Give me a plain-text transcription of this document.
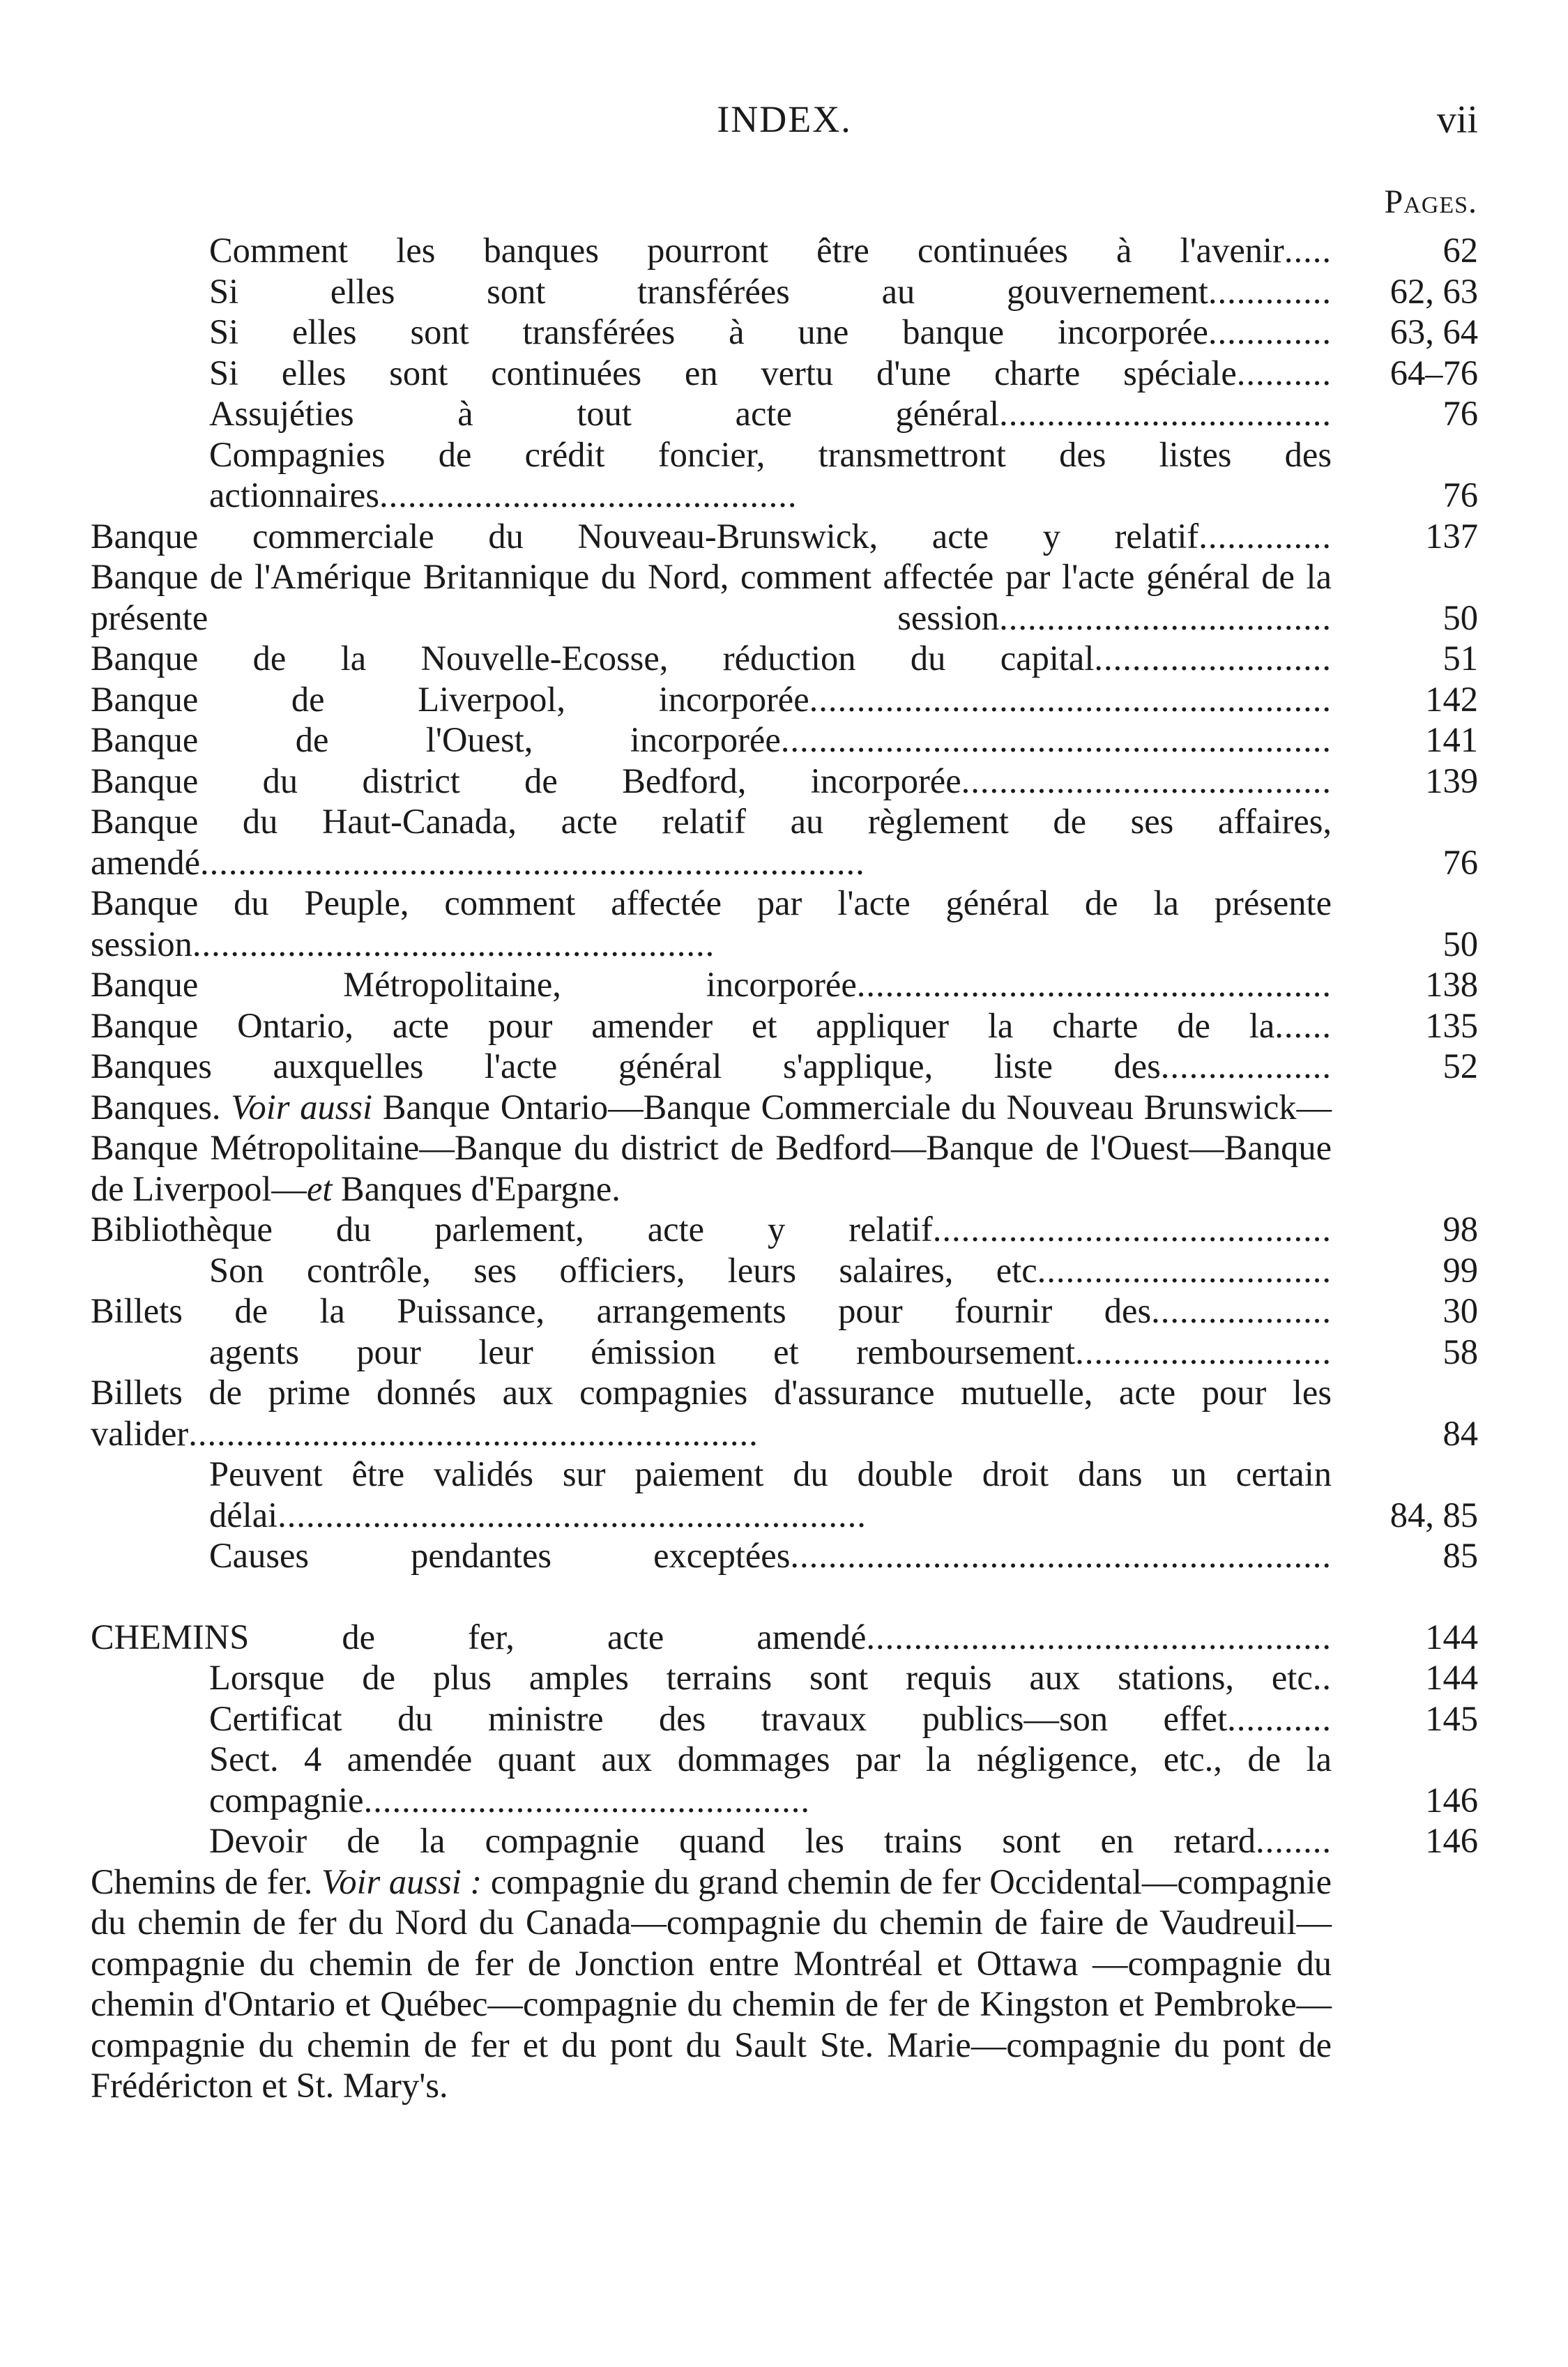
INDEX.	vii
Pages.
Comment les banques pourront être continuées à l'avenir.....	62
Si elles sont transférées au gouvernement............. 62, 63
Si elles sont transférées à une banque incorporée............. 63, 64
Si elles sont continuées en vertu d'une charte spéciale.......... 64–76
Assujéties à tout acte général...................................	76
Compagnies de crédit foncier, transmettront des listes des actionnaires............................................	76
Banque commerciale du Nouveau-Brunswick, acte y relatif..............	137
Banque de l'Amérique Britannique du Nord, comment affectée par l'acte général de la présente session...................................	50
Banque de la Nouvelle-Ecosse, réduction du capital.........................	51
Banque de Liverpool, incorporée.......................................................	142
Banque de l'Ouest, incorporée..........................................................	141
Banque du district de Bedford, incorporée.......................................	139
Banque du Haut-Canada, acte relatif au règlement de ses affaires, amendé......................................................................	76
Banque du Peuple, comment affectée par l'acte général de la présente session.......................................................	50
Banque Métropolitaine, incorporée..................................................	138
Banque Ontario, acte pour amender et appliquer la charte de la......	135
Banques auxquelles l'acte général s'applique, liste des..................	52
Banques. Voir aussi Banque Ontario—Banque Commerciale du Nouveau Brunswick—Banque Métropolitaine—Banque du district de Bedford—Banque de l'Ouest—Banque de Liverpool—et Banques d'Epargne.
Bibliothèque du parlement, acte y relatif..........................................	98
Son contrôle, ses officiers, leurs salaires, etc...............................	99
Billets de la Puissance, arrangements pour fournir des...................	30
agents pour leur émission et remboursement...........................	58
Billets de prime donnés aux compagnies d'assurance mutuelle, acte pour les valider............................................................	84
Peuvent être validés sur paiement du double droit dans un certain délai..............................................................	84, 85
Causes pendantes exceptées.........................................................	85
CHEMINS de fer, acte amendé.................................................	144
Lorsque de plus amples terrains sont requis aux stations, etc..	144
Certificat du ministre des travaux publics—son effet...........	145
Sect. 4 amendée quant aux dommages par la négligence, etc., de la compagnie...............................................	146
Devoir de la compagnie quand les trains sont en retard........	146
Chemins de fer. Voir aussi : compagnie du grand chemin de fer Occidental—compagnie du chemin de fer du Nord du Canada—compagnie du chemin de faire de Vaudreuil—compagnie du chemin de fer de Jonction entre Montréal et Ottawa —compagnie du chemin d'Ontario et Québec—compagnie du chemin de fer de Kingston et Pembroke—compagnie du chemin de fer et du pont du Sault Ste. Marie—compagnie du pont de Frédéricton et St. Mary's.
